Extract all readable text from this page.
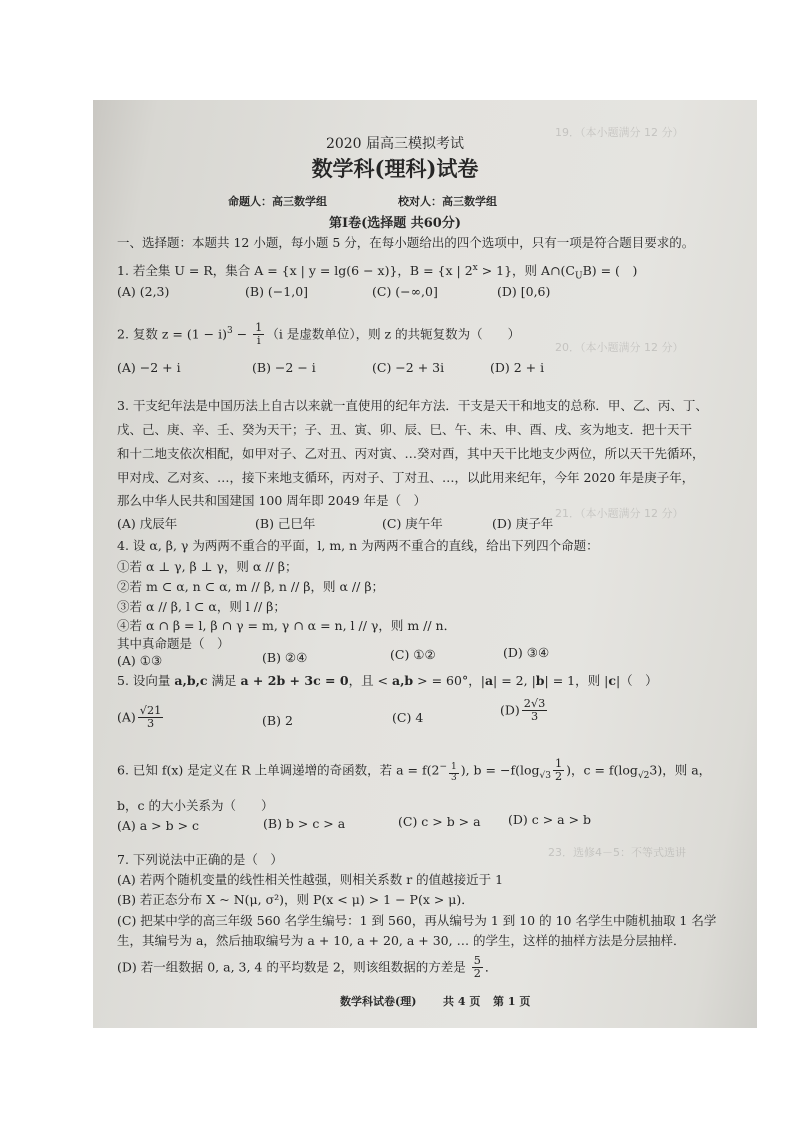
19．（本小题满分 12 分）
20．（本小题满分 12 分）
21．（本小题满分 12 分）
23．选修4－5：不等式选讲
2020 届高三模拟考试
数学科(理科)试卷
命题人：高三数学组	校对人：高三数学组
第Ⅰ卷(选择题 共60分)
一、选择题：本题共 12 小题，每小题 5 分，在每小题给出的四个选项中，只有一项是符合题目要求的。
1. 若全集 U = R，集合 A = {x | y = lg(6 − x)}，B = {x | $2^x > 1$}，则 $A\cap(C_UB)$ = (　)
(A) (2,3)	(B) (−1,0]	(C) (−∞,0]	(D) [0,6)
2. 复数 $z = (1 - i)^3 - \frac{1}{i} (i$ 是虚数单位），则 z 的共轭复数为（　　）
(A) −2 + i	(B) −2 − i	(C) −2 + 3i	(D) 2 + i
3. 干支纪年法是中国历法上自古以来就一直使用的纪年方法．干支是天干和地支的总称．甲、乙、丙、丁、
戊、己、庚、辛、壬、癸为天干；子、丑、寅、卯、辰、巳、午、未、申、酉、戌、亥为地支．把十天干
和十二地支依次相配，如甲对子、乙对丑、丙对寅、…癸对酉，其中天干比地支少两位，所以天干先循环，
甲对戌、乙对亥、…，接下来地支循环，丙对子、丁对丑、…，以此用来纪年，今年 2020 年是庚子年，
那么中华人民共和国建国 100 周年即 2049 年是（　）
(A) 戊辰年	(B) 己巳年	(C) 庚午年	(D) 庚子年
4. 设 α, β, γ 为两两不重合的平面，l, m, n 为两两不重合的直线，给出下列四个命题：
①若 α ⊥ γ, β ⊥ γ，则 α // β；
②若 m ⊂ α, n ⊂ α, m // β, n // β，则 α // β；
③若 α // β, l ⊂ α，则 l // β；
④若 α ∩ β = l, β ∩ γ = m, γ ∩ α = n, l // γ，则 m // n．
其中真命题是（　）
(A) ①③	(B) ②④	(C) ①②	(D) ③④
5. 设向量 a,b,c 满足 a + 2b + 3c = 0，且 < a,b > = 60°，|a| = 2, |b| = 1，则 |c|（　）
$(A) \frac{√21}{3}$	(B) 2	(C) 4
$(D) \frac{2√3}{3}$
6. 已知 f(x) 是定义在 R 上单调递增的奇函数，若 $a = f(2^{- \frac{1}{3}}$ ), $b = -f(\log_{√3} \frac{1}{2}$ )，$c = f(\log_{√2}3)$，则 a，
b，c 的大小关系为（　　）
(A) a > b > c	(B) b > c > a	(C) c > b > a (D) c > a > b
7. 下列说法中正确的是（　）
(A) 若两个随机变量的线性相关性越强，则相关系数 r 的值越接近于 1
(B) 若正态分布 X ~ N(μ, σ²)，则 P(x < μ) > 1 − P(x > μ)．
(C) 把某中学的高三年级 560 名学生编号：1 到 560，再从编号为 1 到 10 的 10 名学生中随机抽取 1 名学
生，其编号为 a，然后抽取编号为 a + 10, a + 20, a + 30, … 的学生，这样的抽样方法是分层抽样．
(D) 若一组数据 0, a, 3, 4 的平均数是 2，则该组数据的方差是 $\frac{5}{2}$ ．
数学科试卷(理) 共 4 页 第 1 页
